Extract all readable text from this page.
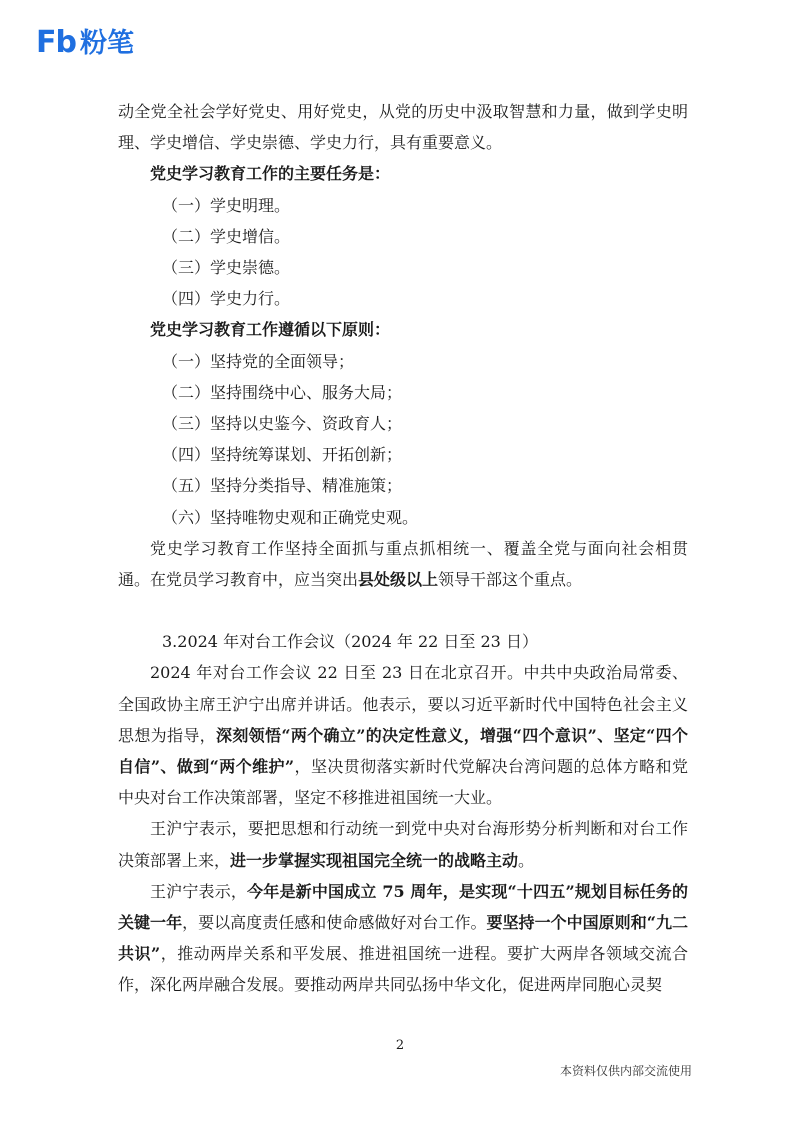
Fb 粉笔

动全党全社会学好党史、用好党史，从党的历史中汲取智慧和力量，做到学史明理、学史增信、学史崇德、学史力行，具有重要意义。

党史学习教育工作的主要任务是：

（一）学史明理。

（二）学史增信。

（三）学史崇德。

（四）学史力行。

党史学习教育工作遵循以下原则：

（一）坚持党的全面领导；

（二）坚持围绕中心、服务大局；

（三）坚持以史鉴今、资政育人；

（四）坚持统筹谋划、开拓创新；

（五）坚持分类指导、精准施策；

（六）坚持唯物史观和正确党史观。

党史学习教育工作坚持全面抓与重点抓相统一、覆盖全党与面向社会相贯通。在党员学习教育中，应当突出县处级以上领导干部这个重点。

3.2024 年对台工作会议（2024 年 22 日至 23 日）

2024 年对台工作会议 22 日至 23 日在北京召开。中共中央政治局常委、全国政协主席王沪宁出席并讲话。他表示，要以习近平新时代中国特色社会主义思想为指导，深刻领悟“两个确立”的决定性意义，增强“四个意识”、坚定“四个自信”、做到“两个维护”，坚决贯彻落实新时代党解决台湾问题的总体方略和党中央对台工作决策部署，坚定不移推进祖国统一大业。

王沪宁表示，要把思想和行动统一到党中央对台海形势分析判断和对台工作决策部署上来，进一步掌握实现祖国完全统一的战略主动。

王沪宁表示，今年是新中国成立 75 周年，是实现“十四五”规划目标任务的关键一年，要以高度责任感和使命感做好对台工作。要坚持一个中国原则和“九二共识”，推动两岸关系和平发展、推进祖国统一进程。要扩大两岸各领域交流合作，深化两岸融合发展。要推动两岸共同弘扬中华文化，促进两岸同胞心灵契

2
本资料仅供内部交流使用
